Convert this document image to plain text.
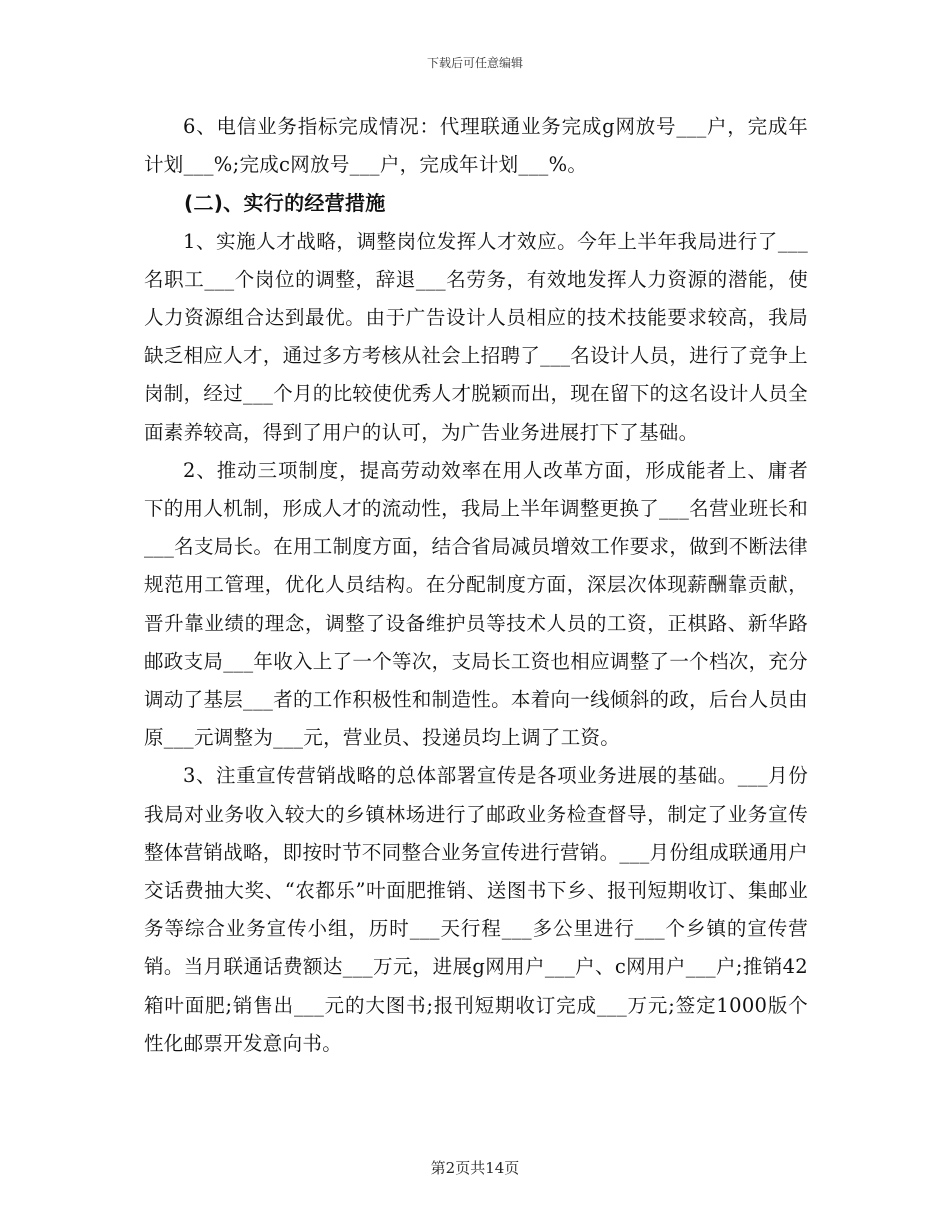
下载后可任意编辑

6、电信业务指标完成情况：代理联通业务完成g网放号___户，完成年计划___%;完成c网放号___户，完成年计划___%。

(二)、实行的经营措施

1、实施人才战略，调整岗位发挥人才效应。今年上半年我局进行了___名职工___个岗位的调整，辞退___名劳务，有效地发挥人力资源的潜能，使人力资源组合达到最优。由于广告设计人员相应的技术技能要求较高，我局缺乏相应人才，通过多方考核从社会上招聘了___名设计人员，进行了竞争上岗制，经过___个月的比较使优秀人才脱颖而出，现在留下的这名设计人员全面素养较高，得到了用户的认可，为广告业务进展打下了基础。

2、推动三项制度，提高劳动效率在用人改革方面，形成能者上、庸者下的用人机制，形成人才的流动性，我局上半年调整更换了___名营业班长和___名支局长。在用工制度方面，结合省局减员增效工作要求，做到不断法律规范用工管理，优化人员结构。在分配制度方面，深层次体现薪酬靠贡献，晋升靠业绩的理念，调整了设备维护员等技术人员的工资，正棋路、新华路邮政支局___年收入上了一个等次，支局长工资也相应调整了一个档次，充分调动了基层___者的工作积极性和制造性。本着向一线倾斜的政，后台人员由原___元调整为___元，营业员、投递员均上调了工资。

3、注重宣传营销战略的总体部署宣传是各项业务进展的基础。___月份我局对业务收入较大的乡镇林场进行了邮政业务检查督导，制定了业务宣传整体营销战略，即按时节不同整合业务宣传进行营销。___月份组成联通用户交话费抽大奖、“农都乐”叶面肥推销、送图书下乡、报刊短期收订、集邮业务等综合业务宣传小组，历时___天行程___多公里进行___个乡镇的宣传营销。当月联通话费额达___万元，进展g网用户___户、c网用户___户;推销42箱叶面肥;销售出___元的大图书;报刊短期收订完成___万元;签定1000版个性化邮票开发意向书。

第2页共14页
